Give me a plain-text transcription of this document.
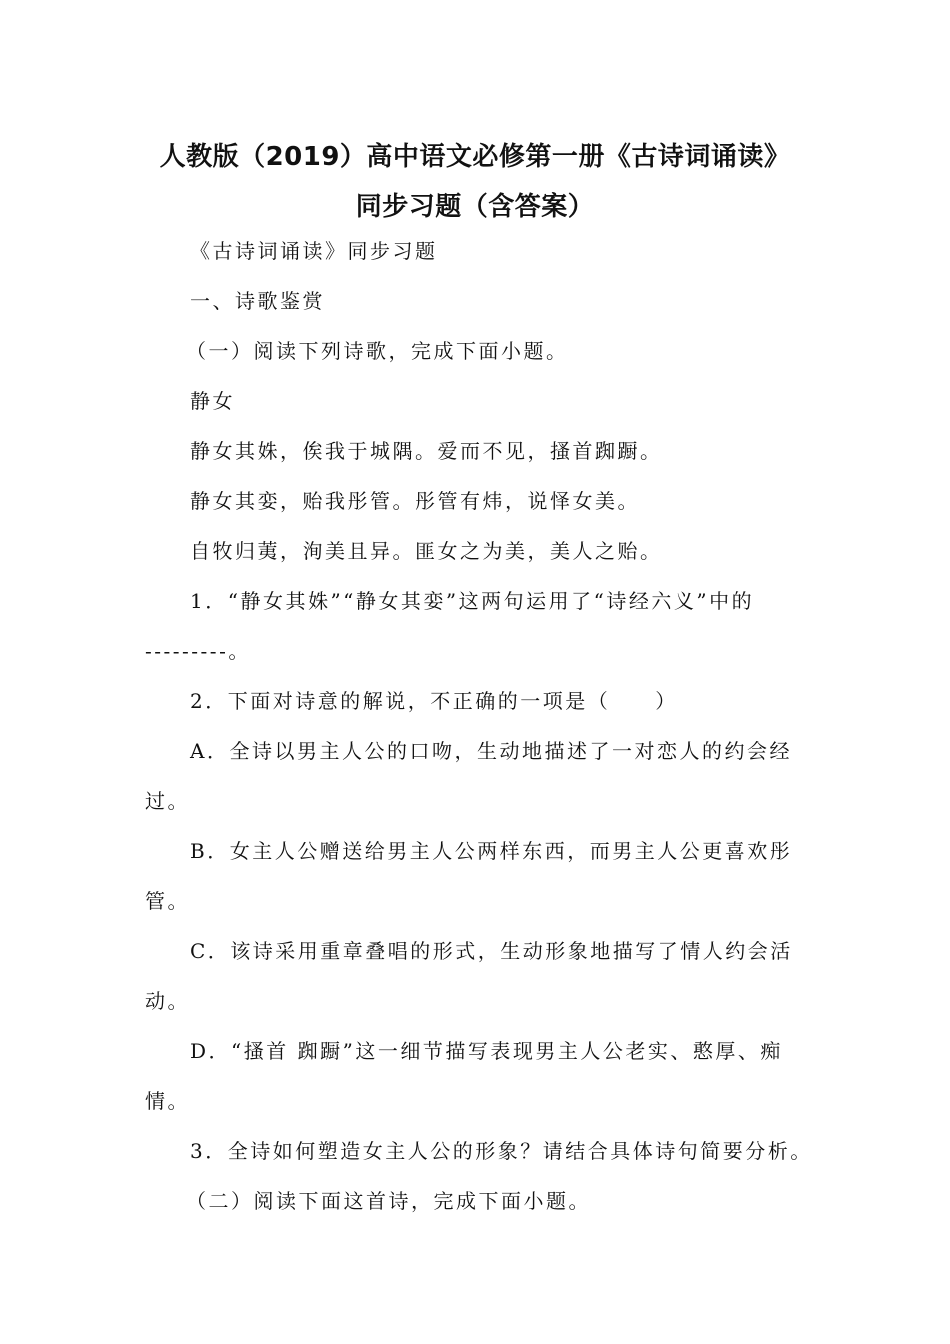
人教版（2019）高中语文必修第一册《古诗词诵读》
同步习题（含答案）
《古诗词诵读》同步习题
一、诗歌鉴赏
（一）阅读下列诗歌，完成下面小题。
静女
静女其姝，俟我于城隅。爱而不见，搔首踟蹰。
静女其娈，贻我彤管。彤管有炜，说怿女美。
自牧归荑，洵美且异。匪女之为美，美人之贻。
1．“静女其姝”“静女其娈”这两句运用了“诗经六义”中的
---------。
2．下面对诗意的解说，不正确的一项是（　　）
A．全诗以男主人公的口吻，生动地描述了一对恋人的约会经
过。
B．女主人公赠送给男主人公两样东西，而男主人公更喜欢彤
管。
C．该诗采用重章叠唱的形式，生动形象地描写了情人约会活
动。
D．“搔首 踟蹰”这一细节描写表现男主人公老实、憨厚、痴
情。
3．全诗如何塑造女主人公的形象？请结合具体诗句简要分析。
（二）阅读下面这首诗，完成下面小题。
